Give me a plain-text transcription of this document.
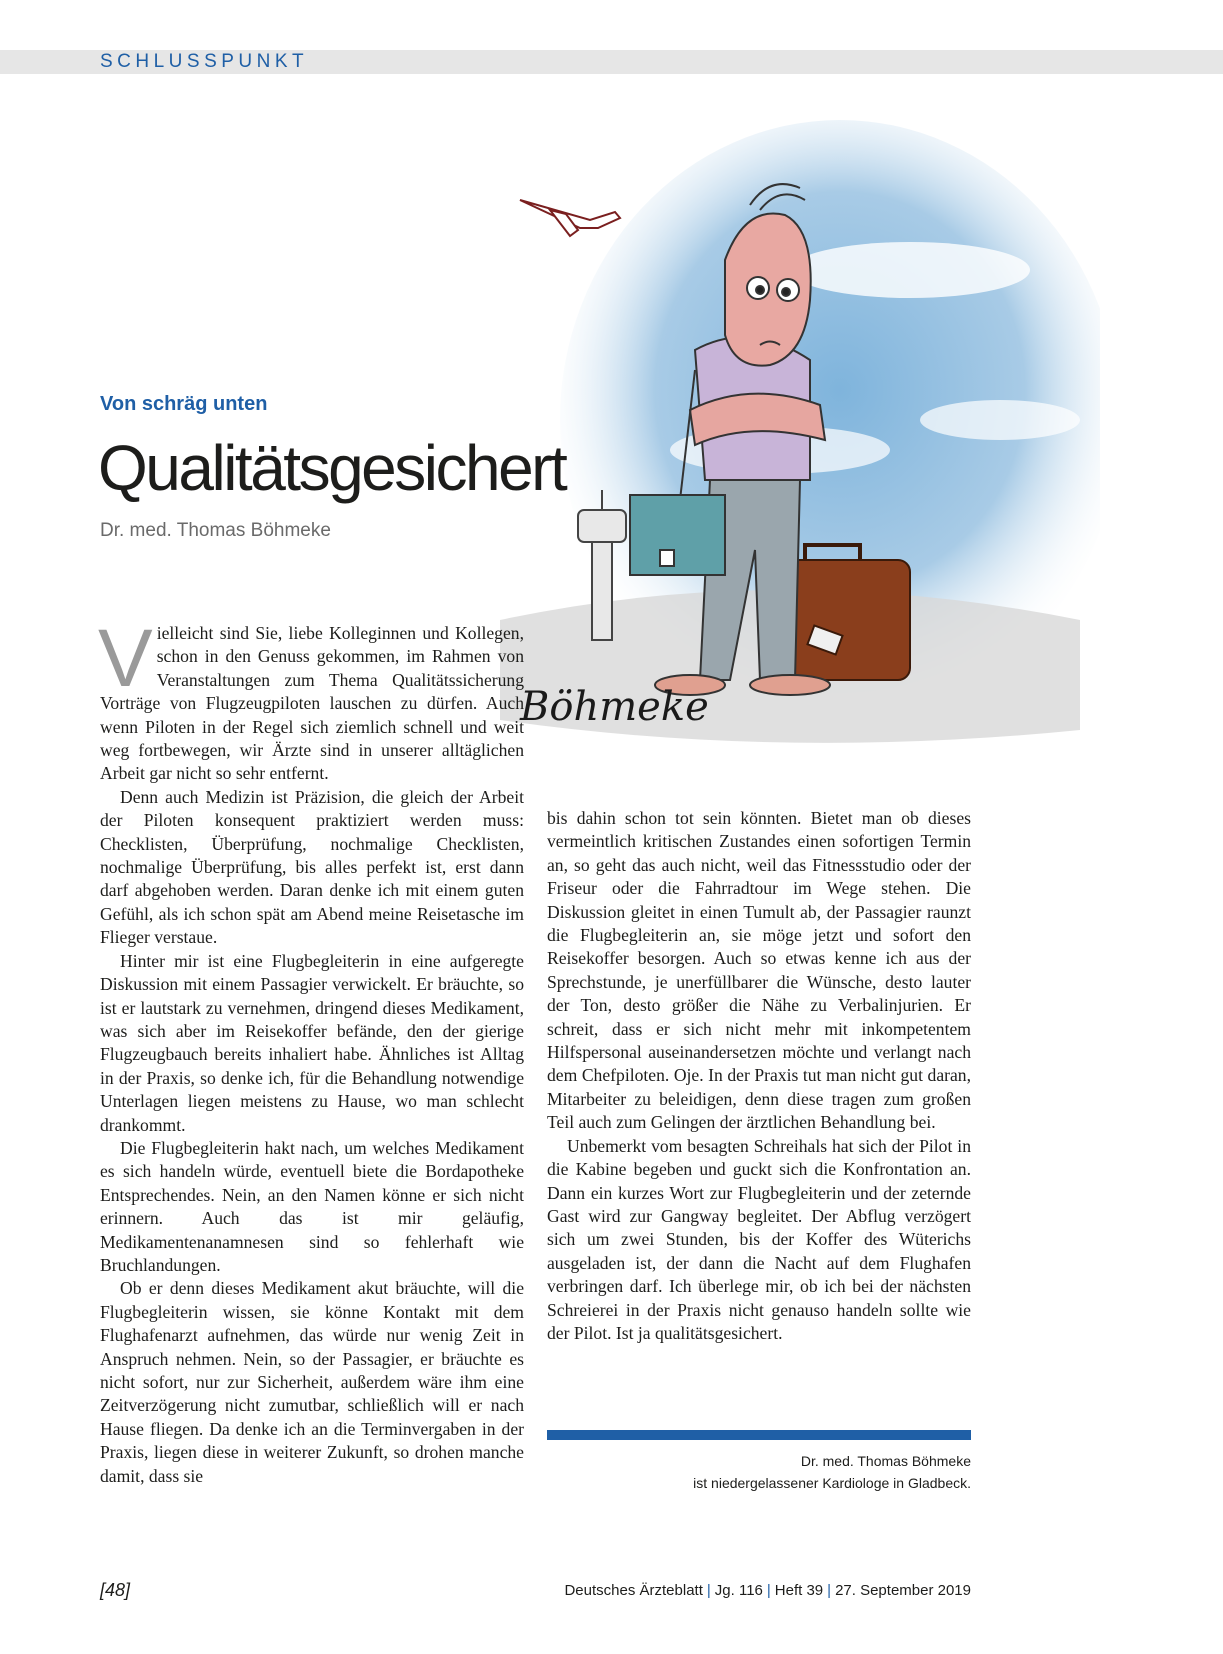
SCHLUSSPUNKT
Böhmeke
Von schräg unten
Qualitätsgesichert
Dr. med. Thomas Böhmeke

Vielleicht sind Sie, liebe Kolleginnen und Kollegen, schon in den Genuss gekommen, im Rahmen von Veranstaltungen zum Thema Qualitätssicherung Vorträge von Flugzeugpiloten lauschen zu dürfen. Auch wenn Piloten in der Regel sich ziemlich schnell und weit weg fortbewegen, wir Ärzte sind in unserer alltäglichen Arbeit gar nicht so sehr entfernt.

Denn auch Medizin ist Präzision, die gleich der Arbeit der Piloten konsequent praktiziert werden muss: Checklisten, Überprüfung, nochmalige Checklisten, nochmalige Überprüfung, bis alles perfekt ist, erst dann darf abgehoben werden. Daran denke ich mit einem guten Gefühl, als ich schon spät am Abend meine Reisetasche im Flieger verstaue.

Hinter mir ist eine Flugbegleiterin in eine aufgeregte Diskussion mit einem Passagier verwickelt. Er bräuchte, so ist er lautstark zu vernehmen, dringend dieses Medikament, was sich aber im Reisekoffer befände, den der gierige Flugzeugbauch bereits inhaliert habe. Ähnliches ist Alltag in der Praxis, so denke ich, für die Behandlung notwendige Unterlagen liegen meistens zu Hause, wo man schlecht drankommt.

Die Flugbegleiterin hakt nach, um welches Medikament es sich handeln würde, eventuell biete die Bordapotheke Entsprechendes. Nein, an den Namen könne er sich nicht erinnern. Auch das ist mir geläufig, Medikamentenanamnesen sind so fehlerhaft wie Bruchlandungen.

Ob er denn dieses Medikament akut bräuchte, will die Flugbegleiterin wissen, sie könne Kontakt mit dem Flughafenarzt aufnehmen, das würde nur wenig Zeit in Anspruch nehmen. Nein, so der Passagier, er bräuchte es nicht sofort, nur zur Sicherheit, außerdem wäre ihm eine Zeitverzögerung nicht zumutbar, schließlich will er nach Hause fliegen. Da denke ich an die Terminvergaben in der Praxis, liegen diese in weiterer Zukunft, so drohen manche damit, dass sie

bis dahin schon tot sein könnten. Bietet man ob dieses vermeintlich kritischen Zustandes einen sofortigen Termin an, so geht das auch nicht, weil das Fitnessstudio oder der Friseur oder die Fahrradtour im Wege stehen. Die Diskussion gleitet in einen Tumult ab, der Passagier raunzt die Flugbegleiterin an, sie möge jetzt und sofort den Reisekoffer besorgen. Auch so etwas kenne ich aus der Sprechstunde, je unerfüllbarer die Wünsche, desto lauter der Ton, desto größer die Nähe zu Verbalinjurien. Er schreit, dass er sich nicht mehr mit inkompetentem Hilfspersonal auseinandersetzen möchte und verlangt nach dem Chefpiloten. Oje. In der Praxis tut man nicht gut daran, Mitarbeiter zu beleidigen, denn diese tragen zum großen Teil auch zum Gelingen der ärztlichen Behandlung bei.

Unbemerkt vom besagten Schreihals hat sich der Pilot in die Kabine begeben und guckt sich die Konfrontation an. Dann ein kurzes Wort zur Flugbegleiterin und der zeternde Gast wird zur Gangway begleitet. Der Abflug verzögert sich um zwei Stunden, bis der Koffer des Wüterichs ausgeladen ist, der dann die Nacht auf dem Flughafen verbringen darf. Ich überlege mir, ob ich bei der nächsten Schreierei in der Praxis nicht genauso handeln sollte wie der Pilot. Ist ja qualitätsgesichert.

Dr. med. Thomas Böhmeke
ist niedergelassener Kardiologe in Gladbeck.
[48]	Deutsches Ärzteblatt | Jg. 116 | Heft 39 | 27. September 2019
